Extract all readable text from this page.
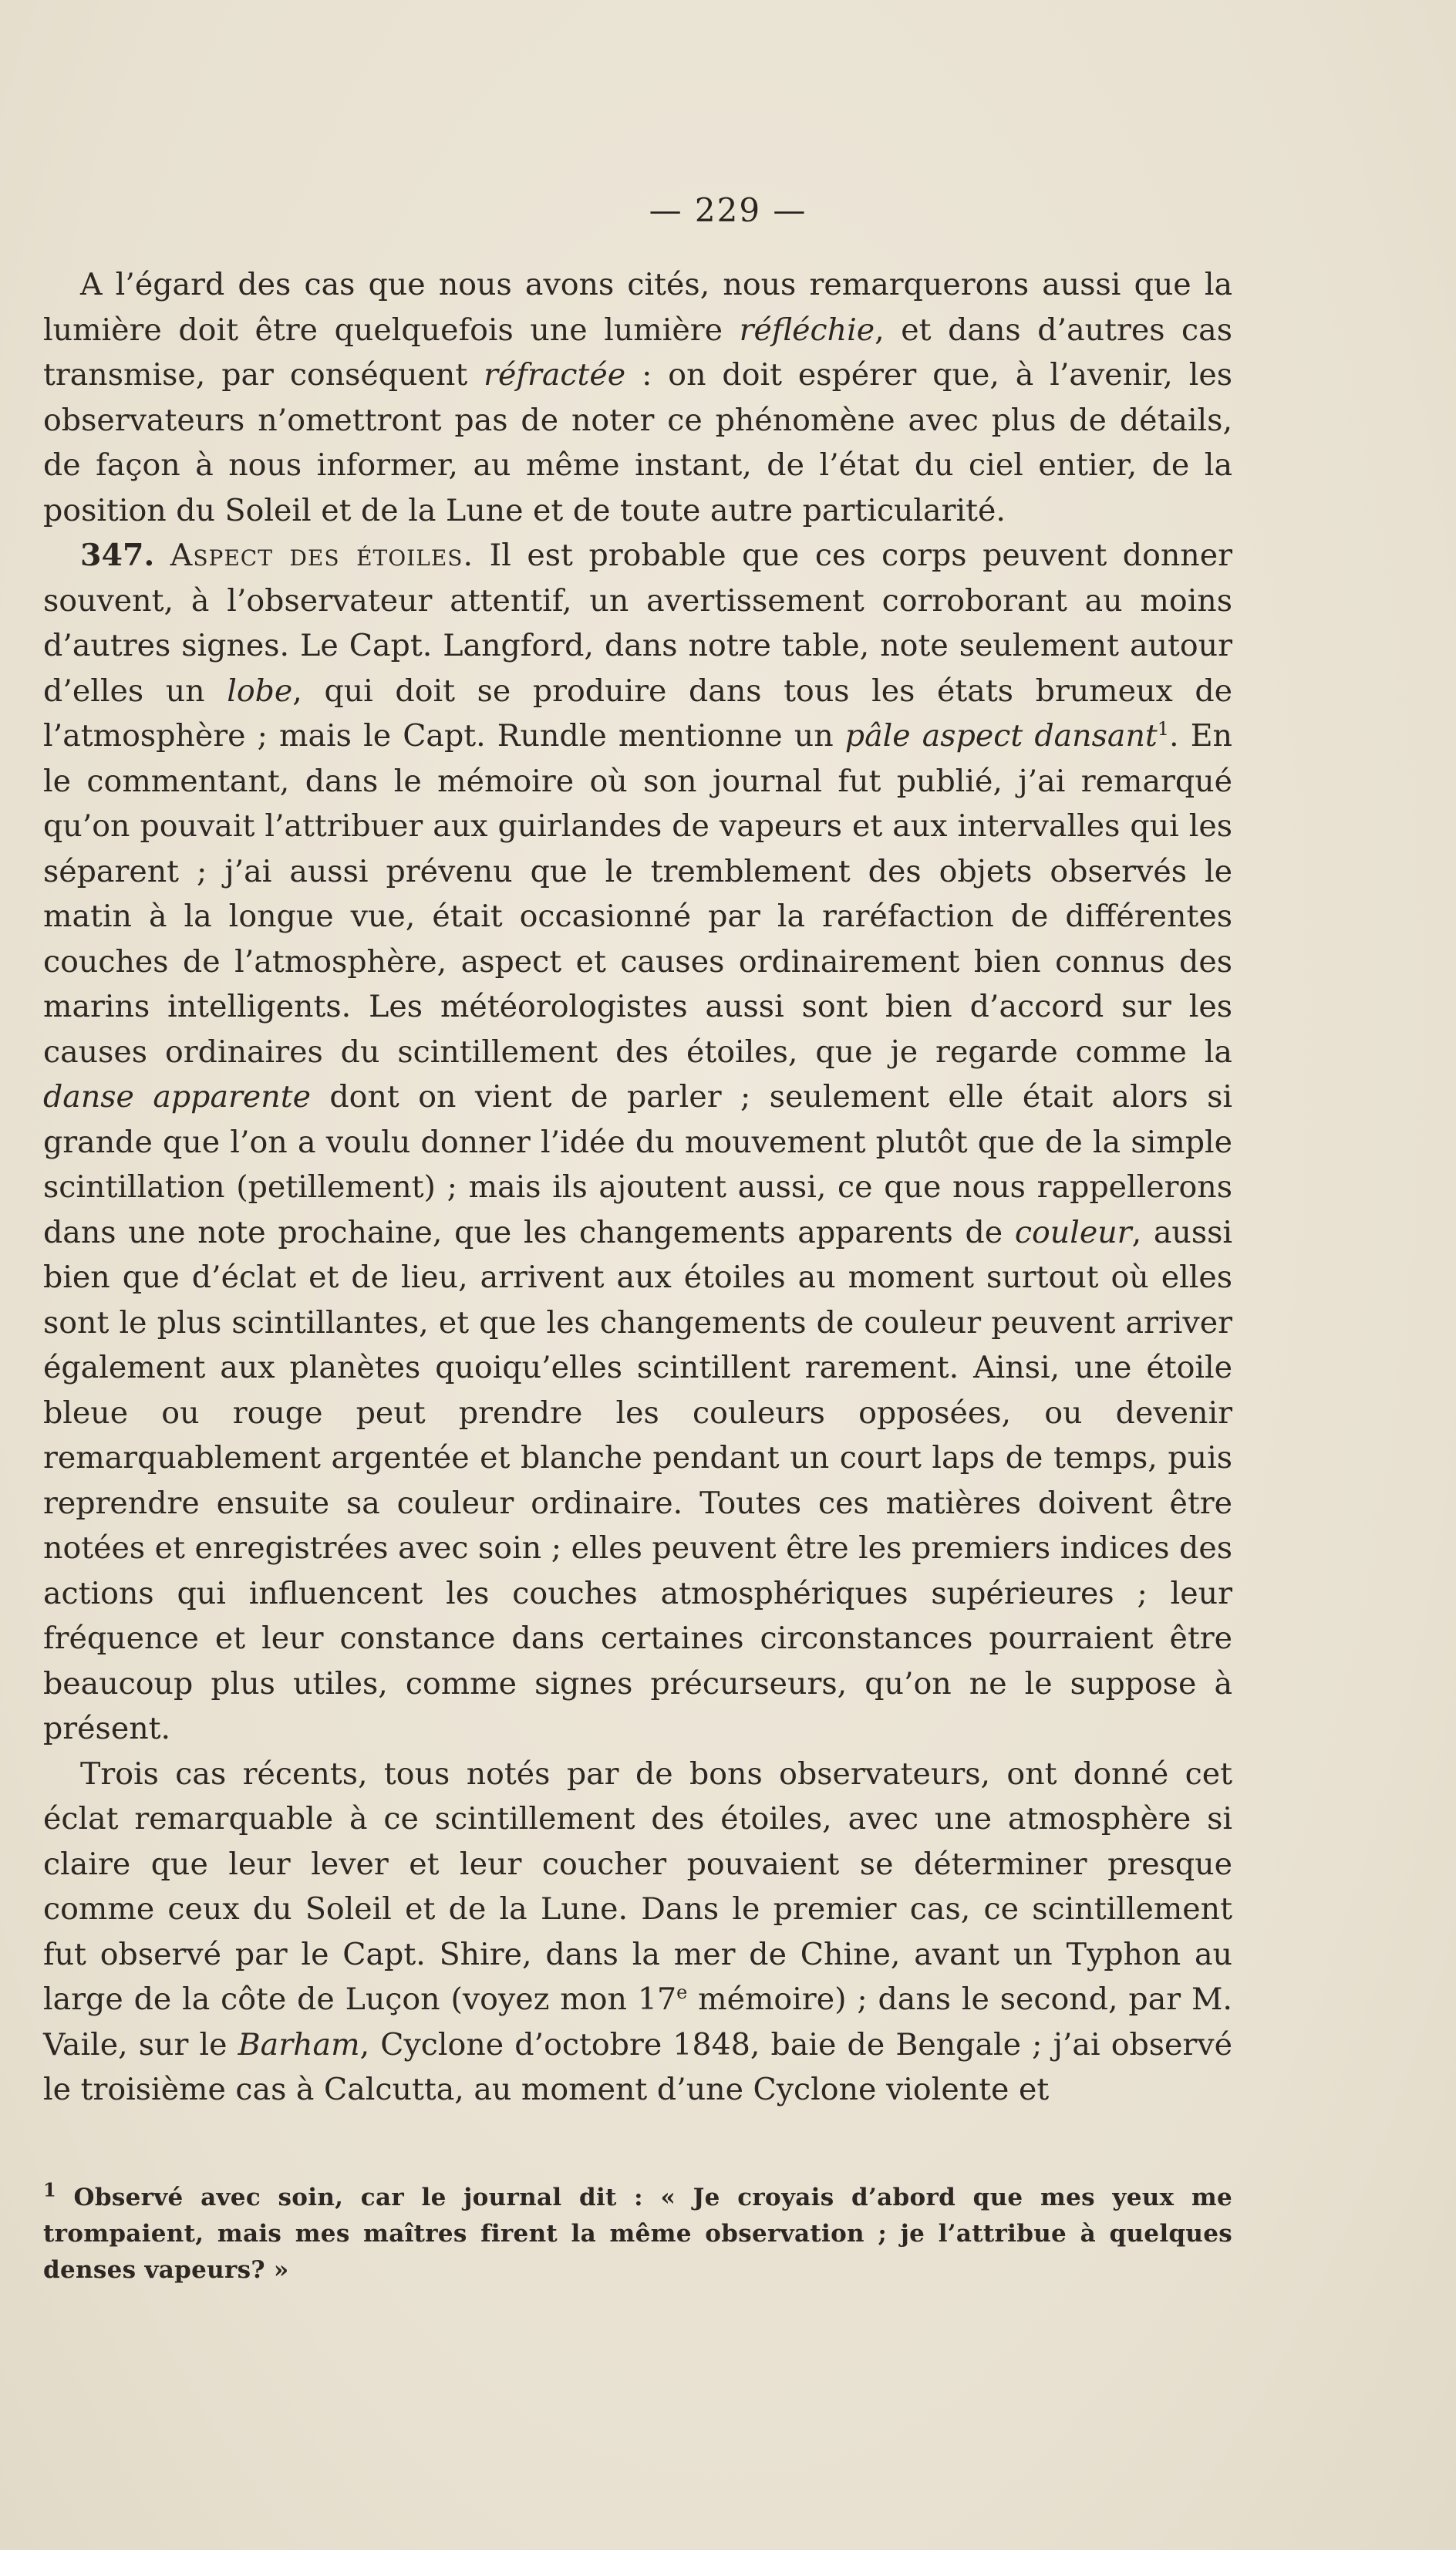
— 229 —

A l’égard des cas que nous avons cités, nous remarquerons aussi que la lumière doit être quelquefois une lumière réfléchie, et dans d’autres cas transmise, par conséquent réfractée : on doit espérer que, à l’avenir, les observateurs n’omettront pas de noter ce phénomène avec plus de détails, de façon à nous informer, au même instant, de l’état du ciel entier, de la position du Soleil et de la Lune et de toute autre particularité.

347. Aspect des étoiles. Il est probable que ces corps peuvent donner souvent, à l’observateur attentif, un avertissement corroborant au moins d’autres signes. Le Capt. Langford, dans notre table, note seulement autour d’elles un lobe, qui doit se produire dans tous les états brumeux de l’atmosphère ; mais le Capt. Rundle mentionne un pâle aspect dansant$^1$. En le commentant, dans le mémoire où son journal fut publié, j’ai remarqué qu’on pouvait l’attribuer aux guirlandes de vapeurs et aux intervalles qui les séparent ; j’ai aussi prévenu que le tremblement des objets observés le matin à la longue vue, était occasionné par la raréfaction de différentes couches de l’atmosphère, aspect et causes ordinairement bien connus des marins intelligents. Les météorologistes aussi sont bien d’accord sur les causes ordinaires du scintillement des étoiles, que je regarde comme la danse apparente dont on vient de parler ; seulement elle était alors si grande que l’on a voulu donner l’idée du mouvement plutôt que de la simple scintillation (petillement) ; mais ils ajoutent aussi, ce que nous rappellerons dans une note prochaine, que les changements apparents de couleur, aussi bien que d’éclat et de lieu, arrivent aux étoiles au moment surtout où elles sont le plus scintillantes, et que les changements de couleur peuvent arriver également aux planètes quoiqu’elles scintillent rarement. Ainsi, une étoile bleue ou rouge peut prendre les couleurs opposées, ou devenir remarquablement argentée et blanche pendant un court laps de temps, puis reprendre ensuite sa couleur ordinaire. Toutes ces matières doivent être notées et enregistrées avec soin ; elles peuvent être les premiers indices des actions qui influencent les couches atmosphériques supérieures ; leur fréquence et leur constance dans certaines circonstances pourraient être beaucoup plus utiles, comme signes précurseurs, qu’on ne le suppose à présent.

Trois cas récents, tous notés par de bons observateurs, ont donné cet éclat remarquable à ce scintillement des étoiles, avec une atmosphère si claire que leur lever et leur coucher pouvaient se déterminer presque comme ceux du Soleil et de la Lune. Dans le premier cas, ce scintillement fut observé par le Capt. Shire, dans la mer de Chine, avant un Typhon au large de la côte de Luçon (voyez mon 17e mémoire) ; dans le second, par M. Vaile, sur le Barham, Cyclone d’octobre 1848, baie de Bengale ; j’ai observé le troisième cas à Calcutta, au moment d’une Cyclone violente et

$^1$ Observé avec soin, car le journal dit : « Je croyais d’abord que mes yeux me trompaient, mais mes maîtres firent la même observation ; je l’attribue à quelques denses vapeurs? »
